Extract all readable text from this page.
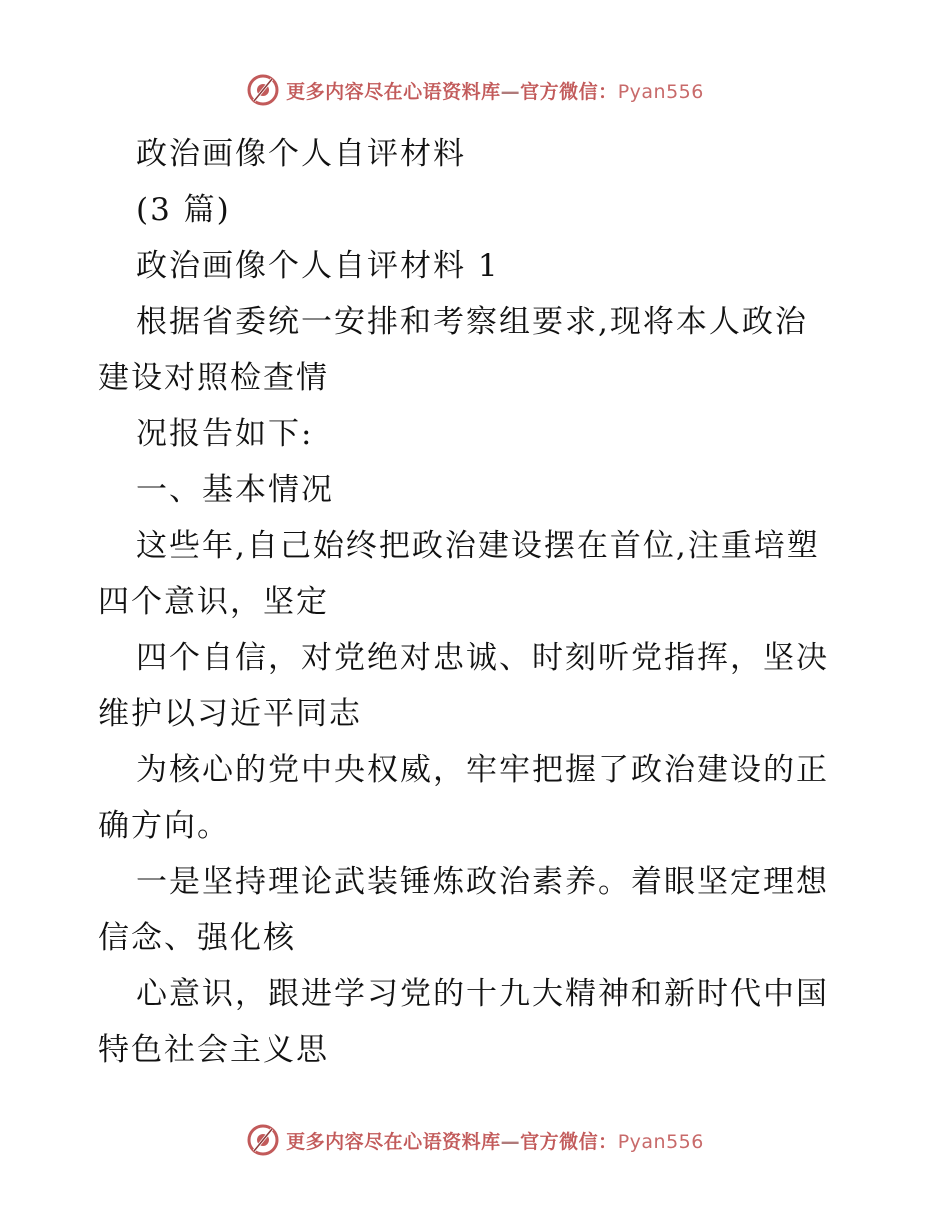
更多内容尽在心语资料库—官方微信：Pyan556
政治画像个人自评材料
(3 篇)
政治画像个人自评材料 1
根据省委统一安排和考察组要求,现将本人政治
建设对照检查情
况报告如下:
一、基本情况
这些年,自己始终把政治建设摆在首位,注重培塑
四个意识，坚定
四个自信，对党绝对忠诚、时刻听党指挥，坚决
维护以习近平同志
为核心的党中央权威，牢牢把握了政治建设的正
确方向。
一是坚持理论武装锤炼政治素养。着眼坚定理想
信念、强化核
心意识，跟进学习党的十九大精神和新时代中国
特色社会主义思
更多内容尽在心语资料库—官方微信：Pyan556
